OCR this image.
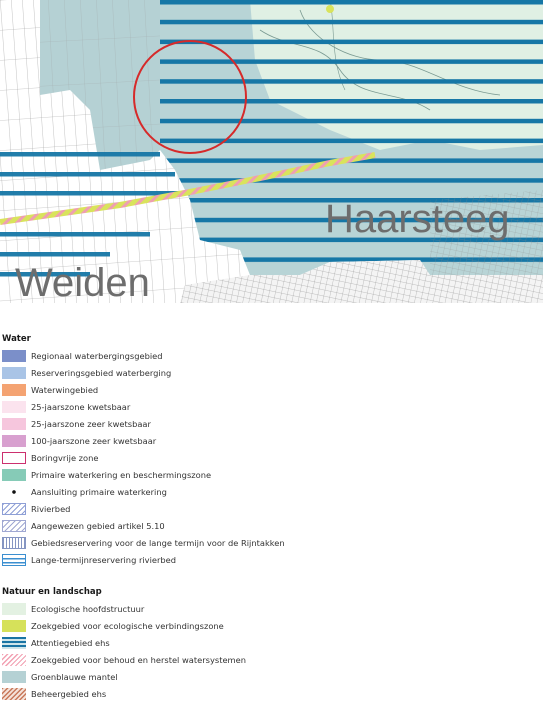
Haarsteeg
Weiden
Water
Regionaal waterbergingsgebied
Reserveringsgebied waterberging
Waterwingebied
25-jaarszone kwetsbaar
25-jaarszone zeer kwetsbaar
100-jaarszone zeer kwetsbaar
Boringvrije zone
Primaire waterkering en beschermingszone
Aansluiting primaire waterkering
Rivierbed
Aangewezen gebied artikel 5.10
Gebiedsreservering voor de lange termijn voor de Rijntakken
Lange-termijnreservering rivierbed
Natuur en landschap
Ecologische hoofdstructuur
Zoekgebied voor ecologische verbindingszone
Attentiegebied ehs
Zoekgebied voor behoud en herstel watersystemen
Groenblauwe mantel
Beheergebied ehs
